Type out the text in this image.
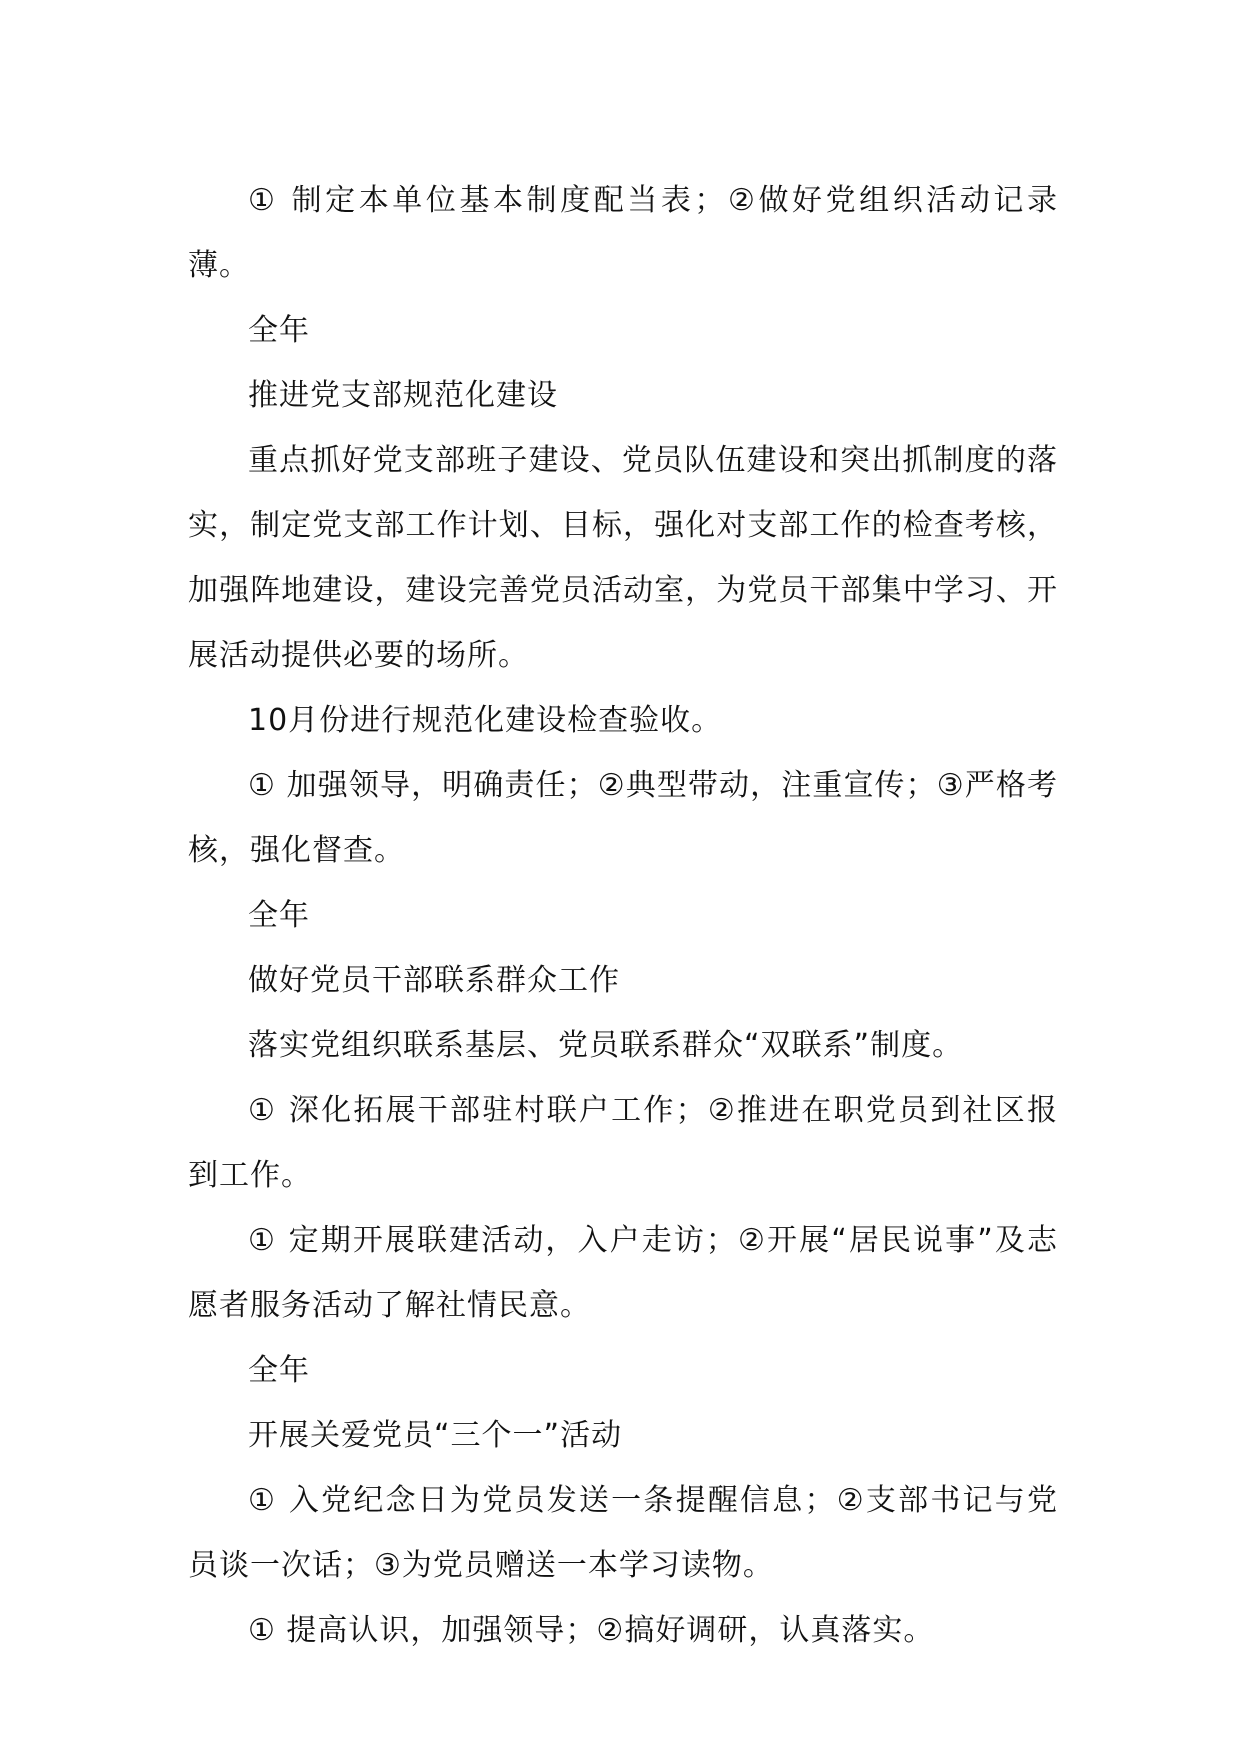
① 制定本单位基本制度配当表；②做好党组织活动记录薄。

全年

推进党支部规范化建设

重点抓好党支部班子建设、党员队伍建设和突出抓制度的落实，制定党支部工作计划、目标，强化对支部工作的检查考核，加强阵地建设，建设完善党员活动室，为党员干部集中学习、开展活动提供必要的场所。

10月份进行规范化建设检查验收。

① 加强领导，明确责任；②典型带动，注重宣传；③严格考核，强化督查。

全年

做好党员干部联系群众工作

落实党组织联系基层、党员联系群众“双联系”制度。

① 深化拓展干部驻村联户工作；②推进在职党员到社区报到工作。

① 定期开展联建活动，入户走访；②开展“居民说事”及志愿者服务活动了解社情民意。

全年

开展关爱党员“三个一”活动

① 入党纪念日为党员发送一条提醒信息；②支部书记与党员谈一次话；③为党员赠送一本学习读物。

① 提高认识，加强领导；②搞好调研，认真落实。
